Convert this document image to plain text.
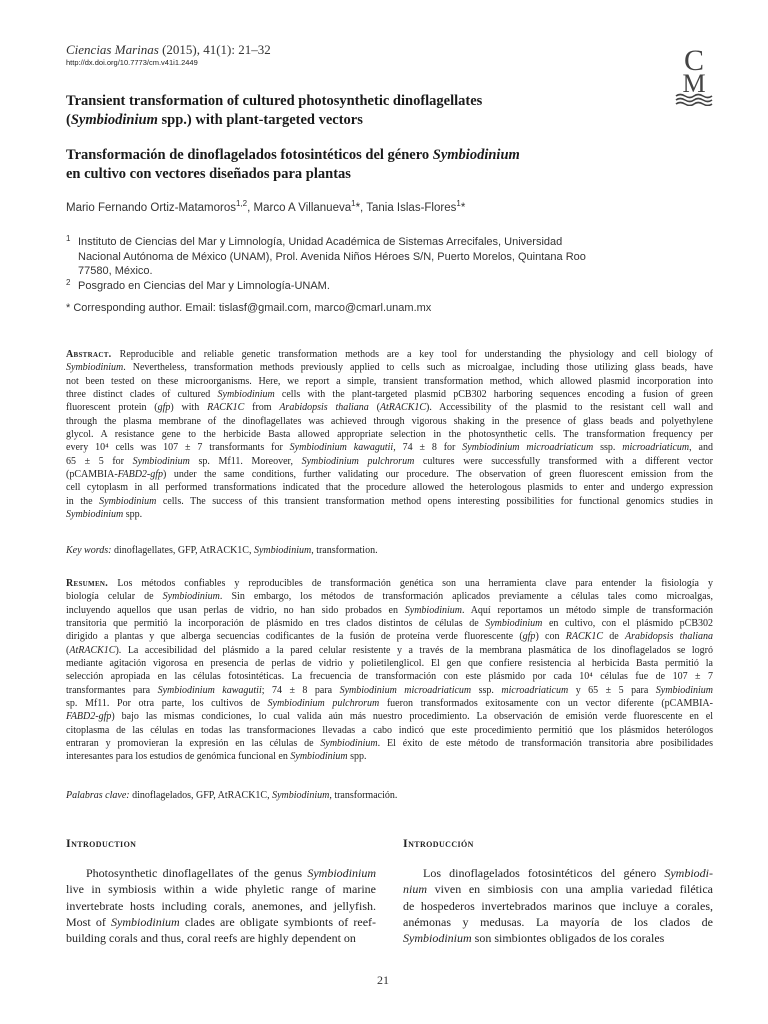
Ciencias Marinas (2015), 41(1): 21–32
http://dx.doi.org/10.7773/cm.v41i1.2449	C
M
Transient transformation of cultured photosynthetic dinoflagellates
(Symbiodinium spp.) with plant-targeted vectors
Transformación de dinoflagelados fotosintéticos del género Symbiodinium
en cultivo con vectores diseñados para plantas
Mario Fernando Ortiz-Matamoros$^{1,2}$, Marco A Villanueva$^1$*, Tania Islas-Flores$^1$*
1 Instituto de Ciencias del Mar y Limnología, Unidad Académica de Sistemas Arrecifales, Universidad
Nacional Autónoma de México (UNAM), Prol. Avenida Niños Héroes S/N, Puerto Morelos, Quintana Roo
77580, México.
2 Posgrado en Ciencias del Mar y Limnología-UNAM.
* Corresponding author. Email: tislasf@gmail.com, marco@cmarl.unam.mx
Abstract. Reproducible and reliable genetic transformation methods are a key tool for understanding the physiology and cell biology of
Symbiodinium. Nevertheless, transformation methods previously applied to cells such as microalgae, including those utilizing glass beads, have
not been tested on these microorganisms. Here, we report a simple, transient transformation method, which allowed plasmid incorporation into
three distinct clades of cultured Symbiodinium cells with the plant-targeted plasmid pCB302 harboring sequences encoding a fusion of green
fluorescent protein (gfp) with RACK1C from Arabidopsis thaliana (AtRACK1C). Accessibility of the plasmid to the resistant cell wall and
through the plasma membrane of the dinoflagellates was achieved through vigorous shaking in the presence of glass beads and polyethylene
glycol. A resistance gene to the herbicide Basta allowed appropriate selection in the photosynthetic cells. The transformation frequency per
every 10⁴ cells was 107 ± 7 transformants for Symbiodinium kawagutii, 74 ± 8 for Symbiodinium microadriaticum ssp. microadriaticum, and
65 ± 5 for Symbiodinium sp. Mf11. Moreover, Symbiodinium pulchrorum cultures were successfully transformed with a different vector
(pCAMBIA-FABD2-gfp) under the same conditions, further validating our procedure. The observation of green fluorescent emission from the
cell cytoplasm in all performed transformations indicated that the procedure allowed the heterologous plasmids to enter and undergo expression
in the Symbiodinium cells. The success of this transient transformation method opens interesting possibilities for functional genomics studies in
Symbiodinium spp.
Key words: dinoflagellates, GFP, AtRACK1C, Symbiodinium, transformation.
Resumen. Los métodos confiables y reproducibles de transformación genética son una herramienta clave para entender la fisiología y
biología celular de Symbiodinium. Sin embargo, los métodos de transformación aplicados previamente a células tales como microalgas,
incluyendo aquellos que usan perlas de vidrio, no han sido probados en Symbiodinium. Aquí reportamos un método simple de transformación
transitoria que permitió la incorporación de plásmido en tres clados distintos de células de Symbiodinium en cultivo, con el plásmido pCB302
dirigido a plantas y que alberga secuencias codificantes de la fusión de proteína verde fluorescente (gfp) con RACK1C de Arabidopsis thaliana
(AtRACK1C). La accesibilidad del plásmido a la pared celular resistente y a través de la membrana plasmática de los dinoflagelados se logró
mediante agitación vigorosa en presencia de perlas de vidrio y polietilenglicol. El gen que confiere resistencia al herbicida Basta permitió la
selección apropiada en las células fotosintéticas. La frecuencia de transformación con este plásmido por cada 10⁴ células fue de 107 ± 7
transformantes para Symbiodinium kawagutii; 74 ± 8 para Symbiodinium microadriaticum ssp. microadriaticum y 65 ± 5 para Symbiodinium
sp. Mf11. Por otra parte, los cultivos de Symbiodinium pulchrorum fueron transformados exitosamente con un vector diferente (pCAMBIA-
FABD2-gfp) bajo las mismas condiciones, lo cual valida aún más nuestro procedimiento. La observación de emisión verde fluorescente en el
citoplasma de las células en todas las transformaciones llevadas a cabo indicó que este procedimiento permitió que los plásmidos heterólogos
entraran y promovieran la expresión en las células de Symbiodinium. El éxito de este método de transformación transitoria abre posibilidades
interesantes para los estudios de genómica funcional en Symbiodinium spp.
Palabras clave: dinoflagelados, GFP, AtRACK1C, Symbiodinium, transformación.
Introduction	Introducción
Photosynthetic dinoflagellates of the genus Symbiodinium
live in symbiosis within a wide phyletic range of marine
invertebrate hosts including corals, anemones, and jellyfish.
Most of Symbiodinium clades are obligate symbionts of reef-
building corals and thus, coral reefs are highly dependent on
Los dinoflagelados fotosintéticos del género Symbiodi-
nium viven en simbiosis con una amplia variedad filética
de hospederos invertebrados marinos que incluye a corales,
anémonas y medusas. La mayoría de los clados de
Symbiodinium son simbiontes obligados de los corales
21
